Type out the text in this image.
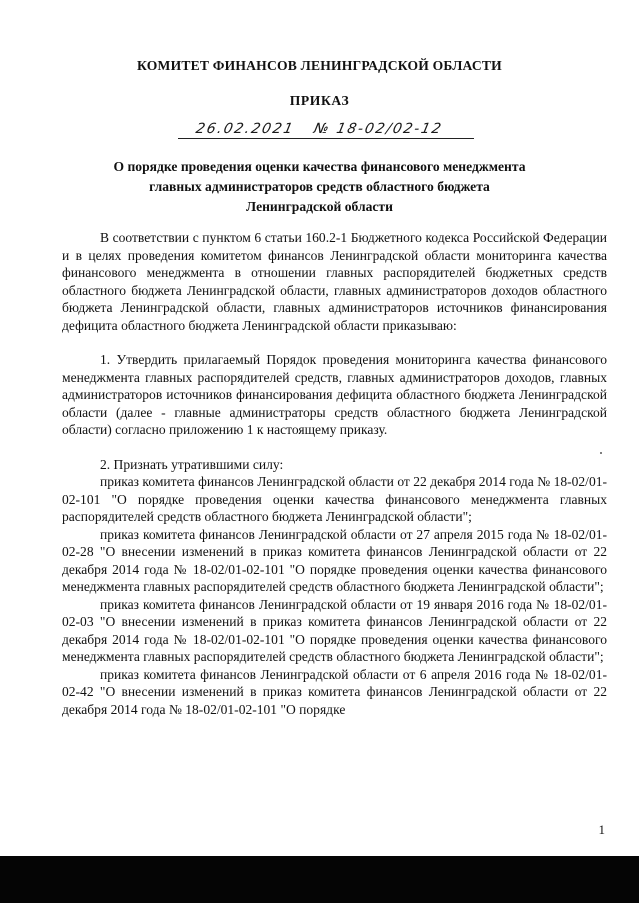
КОМИТЕТ ФИНАНСОВ ЛЕНИНГРАДСКОЙ ОБЛАСТИ
ПРИКАЗ
26.02.2021 № 18-02/02-12
О порядке проведения оценки качества финансового менеджмента
главных администраторов средств областного бюджета
Ленинградской области

В соответствии с пунктом 6 статьи 160.2-1 Бюджетного кодекса Российской Федерации и в целях проведения комитетом финансов Ленинградской области мониторинга качества финансового менеджмента в отношении главных распорядителей бюджетных средств областного бюджета Ленинградской области, главных администраторов доходов областного бюджета Ленинградской области, главных администраторов источников финансирования дефицита областного бюджета Ленинградской области приказываю:

1. Утвердить прилагаемый Порядок проведения мониторинга качества финансового менеджмента главных распорядителей средств, главных администраторов доходов, главных администраторов источников финансирования дефицита областного бюджета Ленинградской области (далее - главные администраторы средств областного бюджета Ленинградской области) согласно приложению 1 к настоящему приказу.

2. Признать утратившими силу:

приказ комитета финансов Ленинградской области от 22 декабря 2014 года № 18-02/01-02-101 "О порядке проведения оценки качества финансового менеджмента главных распорядителей средств областного бюджета Ленинградской области";

приказ комитета финансов Ленинградской области от 27 апреля 2015 года № 18-02/01-02-28 "О внесении изменений в приказ комитета финансов Ленинградской области от 22 декабря 2014 года № 18-02/01-02-101 "О порядке проведения оценки качества финансового менеджмента главных распорядителей средств областного бюджета Ленинградской области";

приказ комитета финансов Ленинградской области от 19 января 2016 года № 18-02/01-02-03 "О внесении изменений в приказ комитета финансов Ленинградской области от 22 декабря 2014 года № 18-02/01-02-101 "О порядке проведения оценки качества финансового менеджмента главных распорядителей средств областного бюджета Ленинградской области";

приказ комитета финансов Ленинградской области от 6 апреля 2016 года № 18-02/01-02-42 "О внесении изменений в приказ комитета финансов Ленинградской области от 22 декабря 2014 года № 18-02/01-02-101 "О порядке

1
